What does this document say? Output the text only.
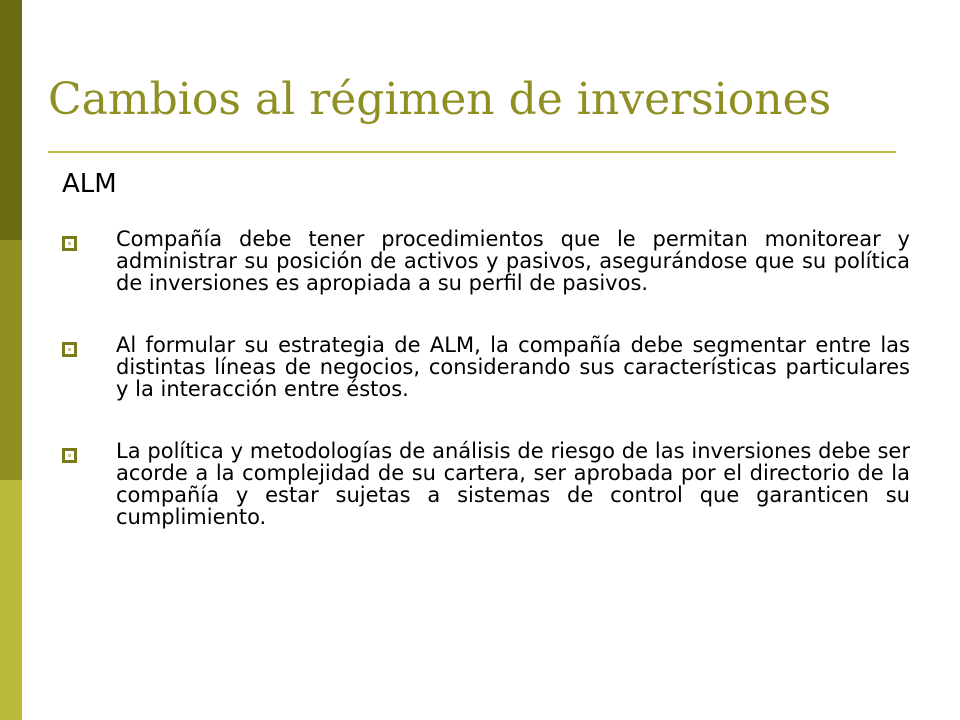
Cambios al régimen de inversiones
ALM
Compañía debe tener procedimientos que le permitan monitorear y administrar su posición de activos y pasivos, asegurándose que su política de inversiones es apropiada a su perfil de pasivos.
Al formular su estrategia de ALM, la compañía debe segmentar entre las distintas líneas de negocios, considerando sus características particulares y la interacción entre éstos.
La política y metodologías de análisis de riesgo de las inversiones debe ser acorde a la complejidad de su cartera, ser aprobada por el directorio de la compañía y estar sujetas a sistemas de control que garanticen su cumplimiento.
